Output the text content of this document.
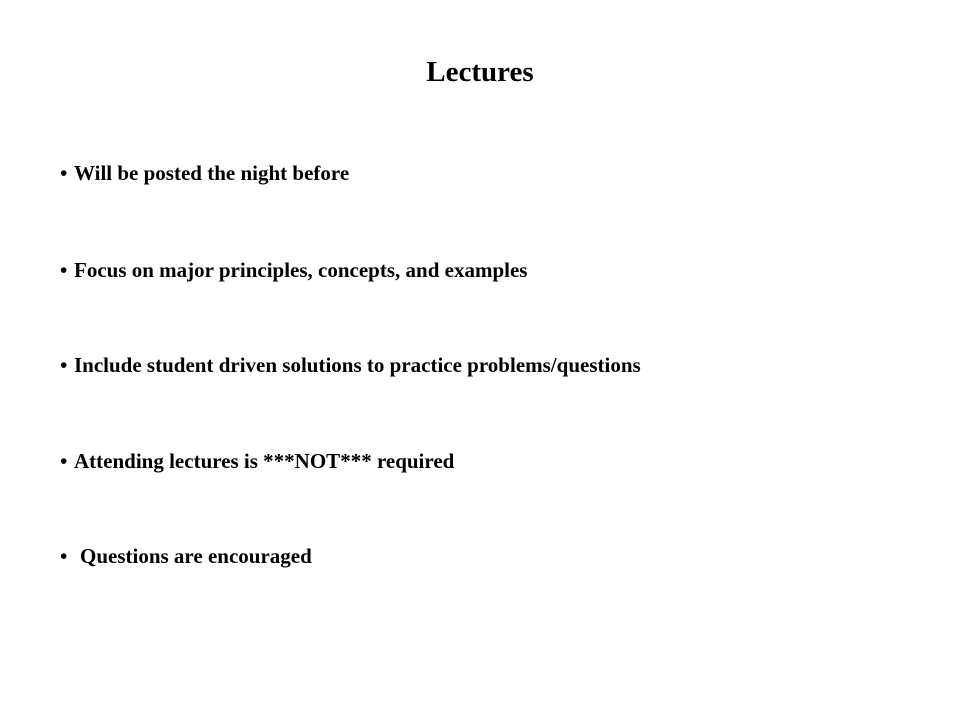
Lectures
• Will be posted the night before
• Focus on major principles, concepts, and examples
• Include student driven solutions to practice problems/questions
• Attending lectures is ***NOT*** required
• Questions are encouraged
